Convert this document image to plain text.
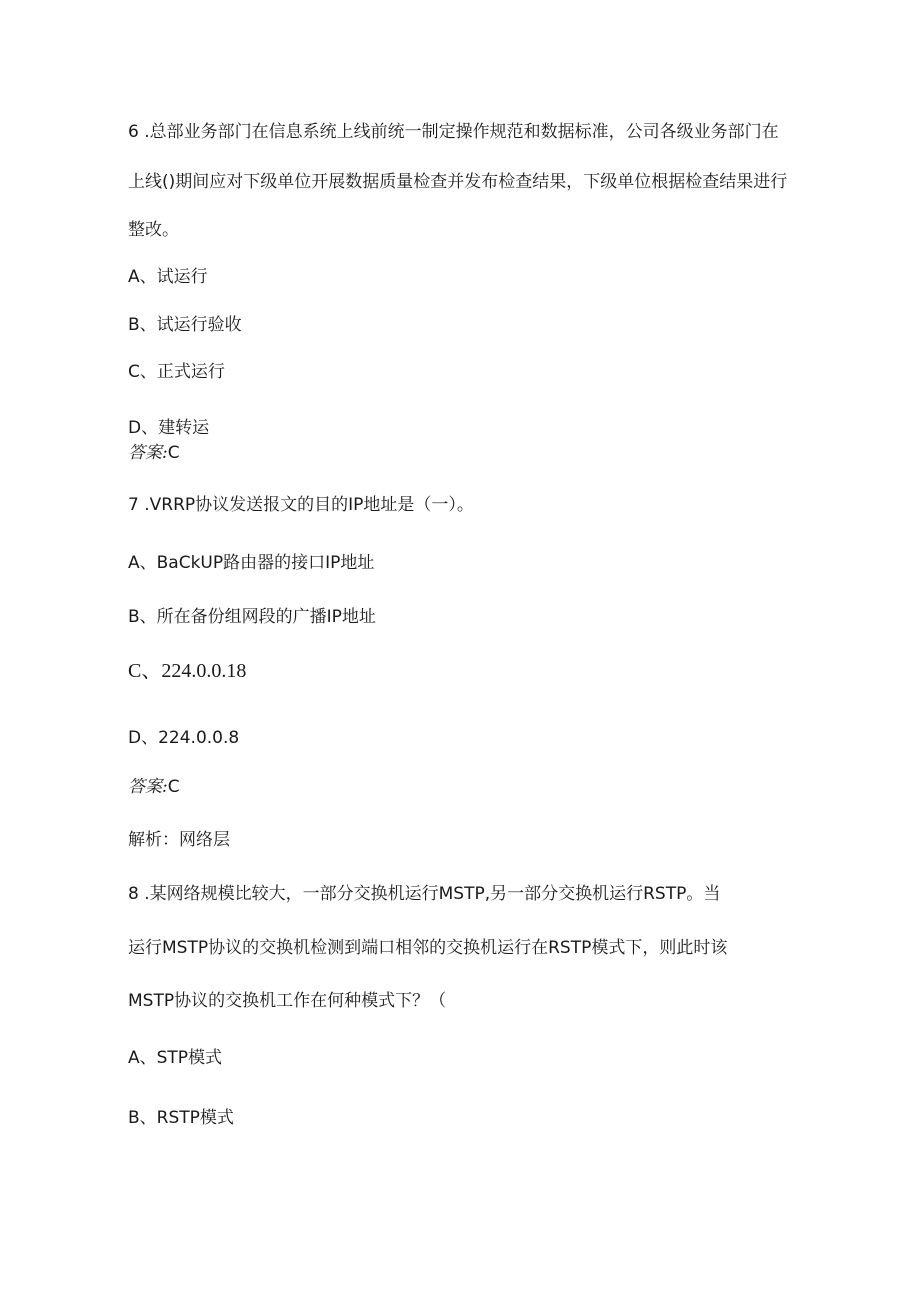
6 .总部业务部门在信息系统上线前统一制定操作规范和数据标准，公司各级业务部门在
上线()期间应对下级单位开展数据质量检查并发布检查结果，下级单位根据检查结果进行
整改。
A、试运行
B、试运行验收
C、正式运行
D、建转运
答案:C
7 .VRRP协议发送报文的目的IP地址是（一）。
A、BaCkUP路由器的接口IP地址
B、所在备份组网段的广播IP地址
C、224.0.0.18
D、224.0.0.8
答案:C
解析：网络层
8 .某网络规模比较大，一部分交换机运行MSTP,另一部分交换机运行RSTP。当
运行MSTP协议的交换机检测到端口相邻的交换机运行在RSTP模式下，则此时该
MSTP协议的交换机工作在何种模式下？（
A、STP模式
B、RSTP模式
